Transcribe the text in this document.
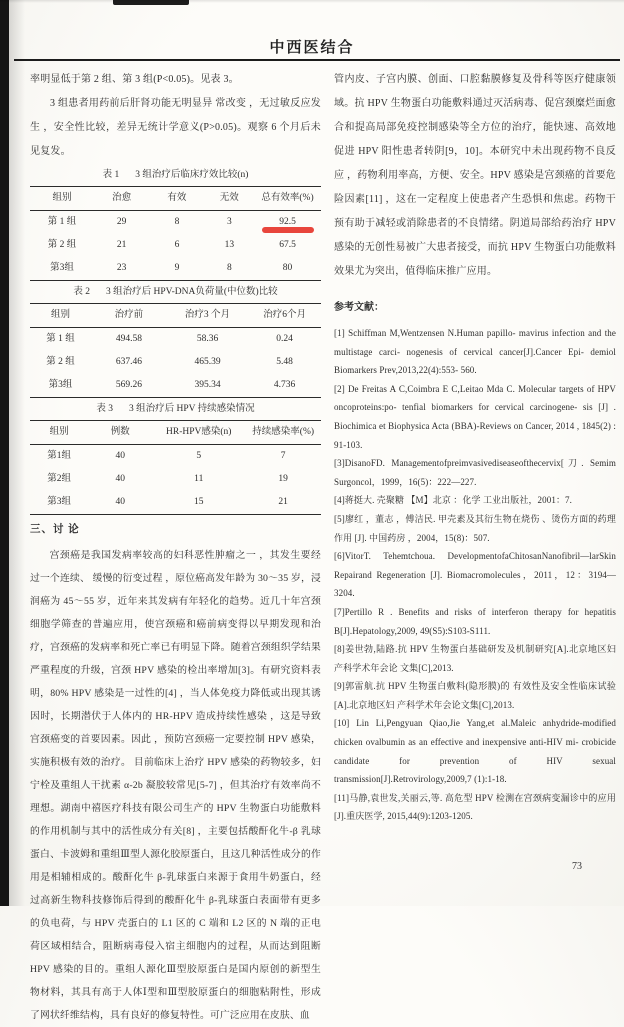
中西医结合

率明显低于第 2 组、第 3 组(P<0.05)。见表 3。

3 组患者用药前后肝肾功能无明显异 常改变 ，无过敏反应发生 ，安全性比较，差异无统计学意义(P>0.05)。观察 6 个月后未见复发。

表 1 3 组治疗后临床疗效比较(n)
组别	治愈	有效	无效	总有效率(%)
第 1 组	29	8	3	92.5

第 2 组	21	6	13	67.5
第3组	23	9	8	80
表 2 3 组治疗后 HPV-DNA负荷量(中位数)比较
组别	治疗前	治疗3 个月	治疗6个月
第 1 组	494.58	58.36	0.24
第 2 组	637.46	465.39	5.48
第3组	569.26	395.34	4.736
表 3 3 组治疗后 HPV 持续感染情况
组别	例数	HR-HPV感染(n)	持续感染率(%)
第1组	40	5	7
第2组	40	11	19
第3组	40	15	21
三、讨 论

宫颈癌是我国发病率较高的妇科恶性肿瘤之一 ，其发生要经过一个连续、 缓慢的衍变过程 ，原位癌高发年龄为 30～35 岁，浸润癌为 45～55 岁，近年来其发病有年轻化的趋势。近几十年宫颈细胞学筛查的普遍应用，使宫颈癌和癌前病变得以早期发现和治疗，宫颈癌的发病率和死亡率已有明显下降。随着宫颈组织学结果严重程度的升级，宫颈 HPV 感染的检出率增加[3]。有研究资料表明，80% HPV 感染是一过性的[4] ，当人体免疫力降低或出现其诱因时，长期潜伏于人体内的 HR-HPV 造成持续性感染 ，这是导致宫颈癌变的首要因素。因此 ，预防宫颈癌一定要控制 HPV 感染，实施积极有效的治疗。 目前临床上治疗 HPV 感染的药物较多，妇宁栓及重组人干扰素 α-2b 凝胶较常见[5-7] ，但其治疗有效率尚不理想。湖南中禧医疗科技有限公司生产的 HPV 生物蛋白功能敷料的作用机制与其中的活性成分有关[8] ，主要包括酸酐化牛-β 乳球蛋白、卡波姆和重组Ⅲ型人源化胶原蛋白，且这几种活性成分的作用是相辅相成的。酸酐化牛 β-乳球蛋白来源于食用牛奶蛋白，经过高新生物科技修饰后得到的酸酐化牛 β-乳球蛋白表面带有更多的负电荷，与 HPV 壳蛋白的 L1 区的 C 端和 L2 区的 N 端的正电荷区域相结合，阻断病毒侵入宿主细胞内的过程，从而达到阻断 HPV 感染的目的。重组人源化Ⅲ型胶原蛋白是国内原创的新型生物材料，其具有高于人体Ⅰ型和Ⅲ型胶原蛋白的细胞粘附性，形成了网状纤维结构，具有良好的修复特性。可广泛应用在皮肤、血

管内皮、子宫内膜、创面、口腔黏膜修复及骨科等医疗健康领域。抗 HPV 生物蛋白功能敷料通过灭活病毒、促宫颈糜烂面愈合和提高局部免疫控制感染等全方位的治疗，能快速、高效地促进 HPV 阳性患者转阴[9，10]。本研究中未出现药物不良反应 ，药物利用率高，方便、安全。HPV 感染是宫颈癌的首要危险因素[11] ，这在一定程度上使患者产生恐惧和焦虑。药物干预有助于减轻或消除患者的不良情绪。阴道局部给药治疗 HPV 感染的无创性易被广大患者接受，而抗 HPV 生物蛋白功能敷料效果尤为突出，值得临床推广应用。

参考文献：

[1] Schiffman M,Wentzensen N.Human papillo- mavirus infection and the multistage carci- nogenesis of cervical cancer[J].Cancer Epi- demiol Biomarkers Prev,2013,22(4):553- 560.

[2] De Freitas A C,Coimbra E C,Leitao Mda C. Molecular targets of HPV oncoproteins:po- tenfial biomarkers for cervical carcinogene- sis [J] . Biochimica et Biophysica Acta (BBA)-Reviews on Cancer, 2014 , 1845(2) : 91-103.

[3]DisanoFD. Managementofpreimvasivediseaseofthecervix[刀. Semim Surgoncol，1999，16(5)：222—227.

[4]蒋挺大. 壳聚糖 【M】北京 ：化学 工业出版社，2001：7.

[5]廖红 ，董志 ，傅洁民. 甲壳素及其衍生物在烧伤 、烫伤方面的药理作用 [J]. 中国药房 ，2004，15(8)：507.

[6]VitorT. Tehemtchoua. DevelopmentofaChitosanNanofibril—larSkin Repairand Regeneration [J]. Biomacromolecules，2011，12：3194—3204.

[7]Pertillo R . Benefits and risks of interferon therapy for hepatitis B[J].Hepatology,2009, 49(S5):S103-S111.

[8]姜世勃,陆路.抗 HPV 生物蛋白基础研发及机制研究[A].北京地区妇 产科学术年会论 文集[C],2013.

[9]郭雷航.抗 HPV 生物蛋白敷料(隐形膜)的 有效性及安全性临床试验[A].北京地区妇 产科学术年会论文集[C],2013.

[10] Lin Li,Pengyuan Qiao,Jie Yang,et al.Maleic anhydride-modified chicken ovalbumin as an effective and inexpensive anti-HIV mi- crobicide candidate for prevention of HIV sexual transmission[J].Retrovirology,2009,7 (1):1-18.

[11]马静,袁世发,关丽云,等. 高危型 HPV 检测在宫颈病变漏诊中的应用[J].重庆医学, 2015,44(9):1203-1205.

73
